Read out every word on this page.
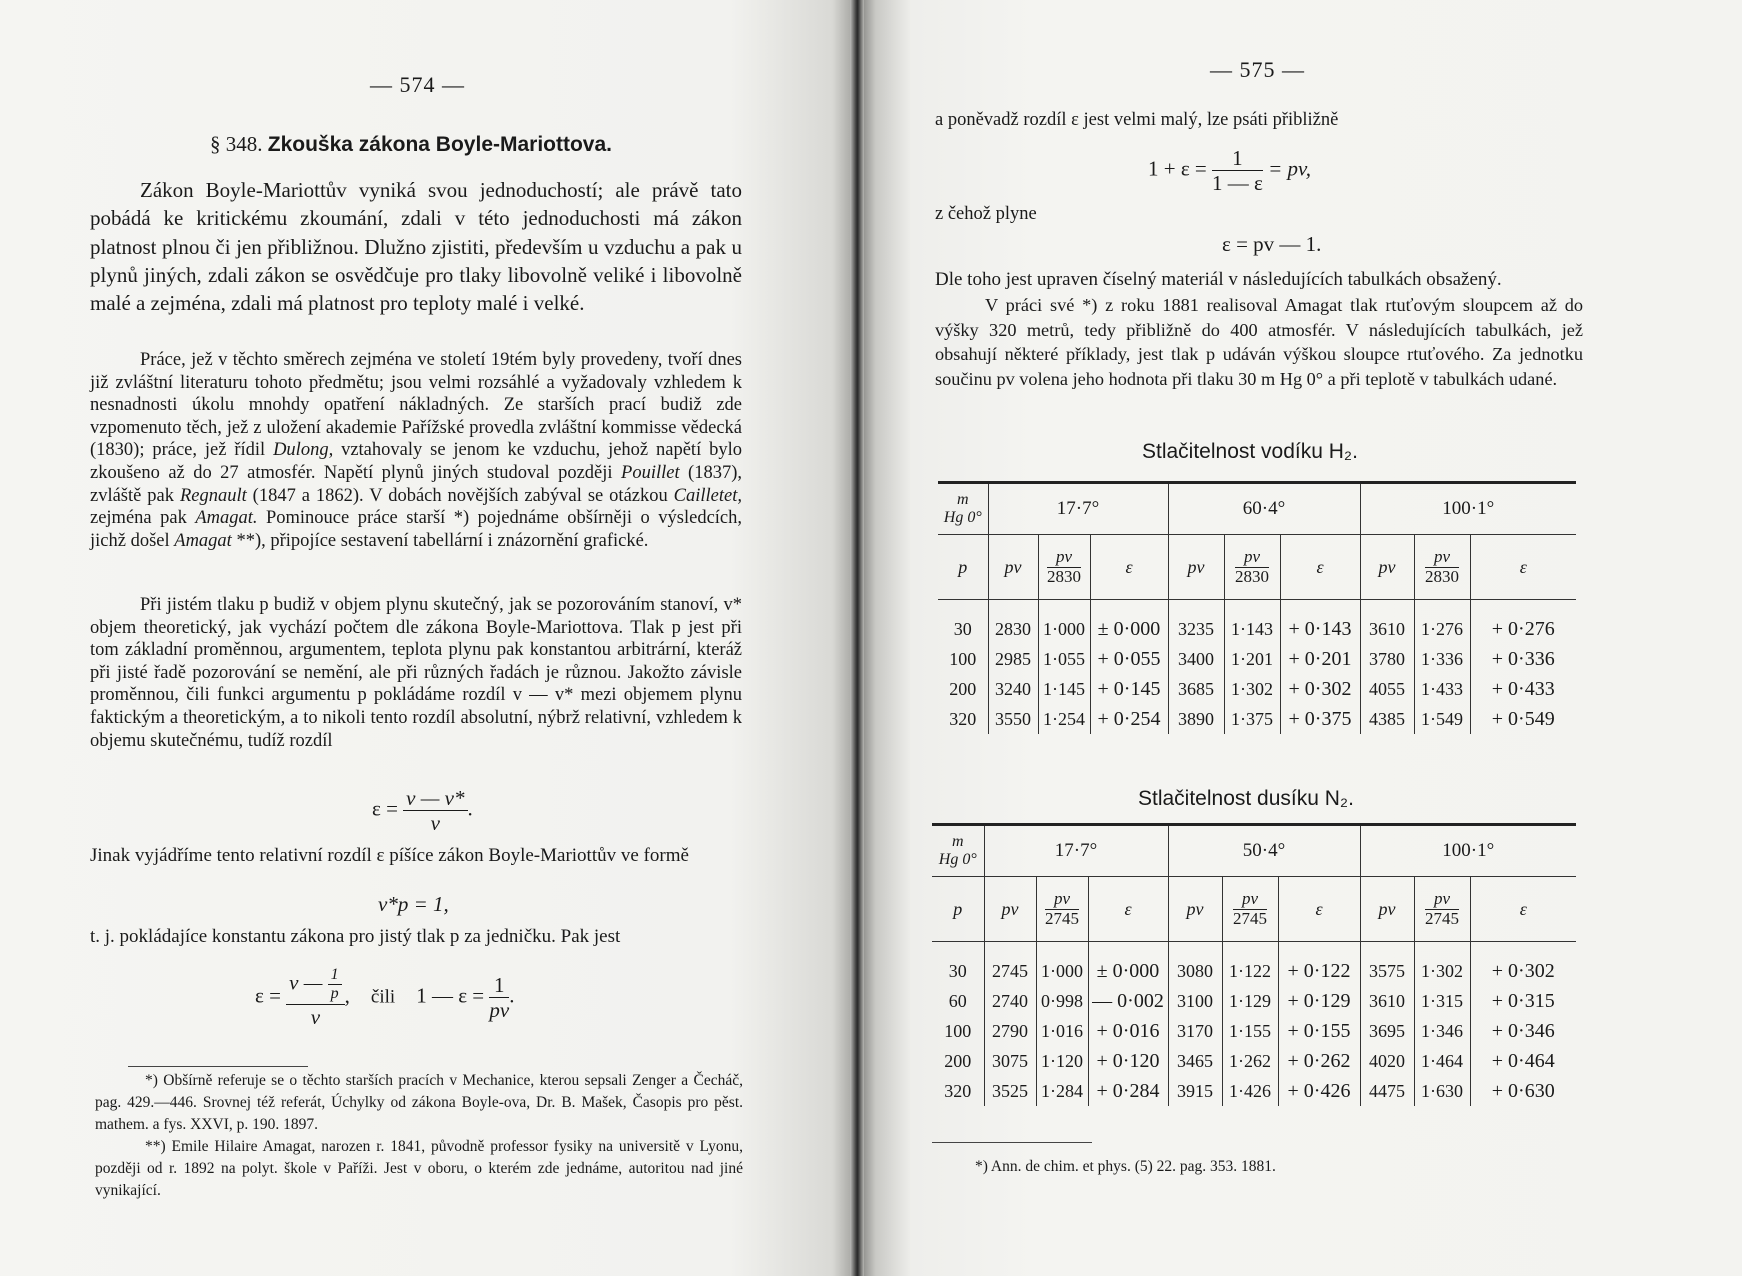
— 574 —
§ 348. Zkouška zákona Boyle-Mariottova.

Zákon Boyle-Mariottův vyniká svou jednoduchostí; ale právě tato pobádá ke kritickému zkoumání, zdali v této jednoduchosti má zákon platnost plnou či jen přibližnou. Dlužno zjistiti, především u vzduchu a pak u plynů jiných, zdali zákon se osvědčuje pro tlaky libovolně veliké i libovolně malé a zejména, zdali má platnost pro teploty malé i velké.

Práce, jež v těchto směrech zejména ve století 19tém byly provedeny, tvoří dnes již zvláštní literaturu tohoto předmětu; jsou velmi rozsáhlé a vyžadovaly vzhledem k nesnadnosti úkolu mnohdy opatření nákladných. Ze starších prací budiž zde vzpomenuto těch, jež z uložení akademie Pařížské provedla zvláštní kommisse vědecká (1830); práce, jež řídil Dulong, vztahovaly se jenom ke vzduchu, jehož napětí bylo zkoušeno až do 27 atmosfér. Napětí plynů jiných studoval později Pouillet (1837), zvláště pak Regnault (1847 a 1862). V dobách novějších zabýval se otázkou Cailletet, zejména pak Amagat. Pominouce práce starší *) pojednáme obšírněji o výsledcích, jichž došel Amagat **), připojíce sestavení tabellární i znázornění grafické.

Při jistém tlaku p budiž v objem plynu skutečný, jak se pozorováním stanoví, v* objem theoretický, jak vychází počtem dle zákona Boyle-Mariottova. Tlak p jest při tom základní proměnnou, argumentem, teplota plynu pak konstantou arbitrární, kteráž při jisté řadě pozorování se nemění, ale při různých řadách je různou. Jakožto závisle proměnnou, čili funkci argumentu p pokládáme rozdíl v — v* mezi objemem plynu faktickým a theoretickým, a to nikoli tento rozdíl absolutní, nýbrž relativní, vzhledem k objemu skutečnému, tudíž rozdíl

$\varepsilon = \frac{v — v*}{v}$ .

Jinak vyjádříme tento relativní rozdíl ε píšíce zákon Boyle-Mariottův ve formě

v*p = 1,

t. j. pokládajíce konstantu zákona pro jistý tlak p za jedničku. Pak jest

$\varepsilon = \frac{v — \frac{1}{p}}{v}$ , čili 1 — $\varepsilon = \frac{1}{pv}$ .

*) Obšírně referuje se o těchto starších pracích v Mechanice, kterou sepsali Zenger a Čecháč, pag. 429.—446. Srovnej též referát, Úchylky od zákona Boyle-ova, Dr. B. Mašek, Časopis pro pěst. mathem. a fys. XXVI, p. 190. 1897.

**) Emile Hilaire Amagat, narozen r. 1841, původně professor fysiky na universitě v Lyonu, později od r. 1892 na polyt. škole v Paříži. Jest v oboru, o kterém zde jednáme, autoritou nad jiné vynikající.

— 575 —

a poněvadž rozdíl ε jest velmi malý, lze psáti přibližně

$1 + \varepsilon = \frac{1}{1 — \varepsilon}$ = pv,
z čehož plyne
ε = pv — 1.

Dle toho jest upraven číselný materiál v následujících tabulkách obsažený.

V práci své *) z roku 1881 realisoval Amagat tlak rtuťovým sloupcem až do výšky 320 metrů, tedy přibližně do 400 atmosfér. V následujících tabulkách, jež obsahují některé příklady, jest tlak p udáván výškou sloupce rtuťového. Za jednotku součinu pv volena jeho hodnota při tlaku 30 m Hg 0° a při teplotě v tabulkách udané.

Stlačitelnost vodíku H₂.
m
Hg 0°	17·7°			60·4°			100·1°		
p	pv	$\frac{pv}{2830}$	ε	pv	$\frac{pv}{2830}$	ε	pv	$\frac{pv}{2830}$	ε
30	2830	1·000	± 0·000	3235	1·143	+ 0·143	3610	1·276	+ 0·276
100	2985	1·055	+ 0·055	3400	1·201	+ 0·201	3780	1·336	+ 0·336
200	3240	1·145	+ 0·145	3685	1·302	+ 0·302	4055	1·433	+ 0·433
320	3550	1·254	+ 0·254	3890	1·375	+ 0·375	4385	1·549	+ 0·549
Stlačitelnost dusíku N₂.
m
Hg 0°	17·7°			50·4°			100·1°		
p	pv	$\frac{pv}{2745}$	ε	pv	$\frac{pv}{2745}$	ε	pv	$\frac{pv}{2745}$	ε
30	2745	1·000	± 0·000	3080	1·122	+ 0·122	3575	1·302	+ 0·302
60	2740	0·998	— 0·002	3100	1·129	+ 0·129	3610	1·315	+ 0·315
100	2790	1·016	+ 0·016	3170	1·155	+ 0·155	3695	1·346	+ 0·346
200	3075	1·120	+ 0·120	3465	1·262	+ 0·262	4020	1·464	+ 0·464
320	3525	1·284	+ 0·284	3915	1·426	+ 0·426	4475	1·630	+ 0·630
*) Ann. de chim. et phys. (5) 22. pag. 353. 1881.
